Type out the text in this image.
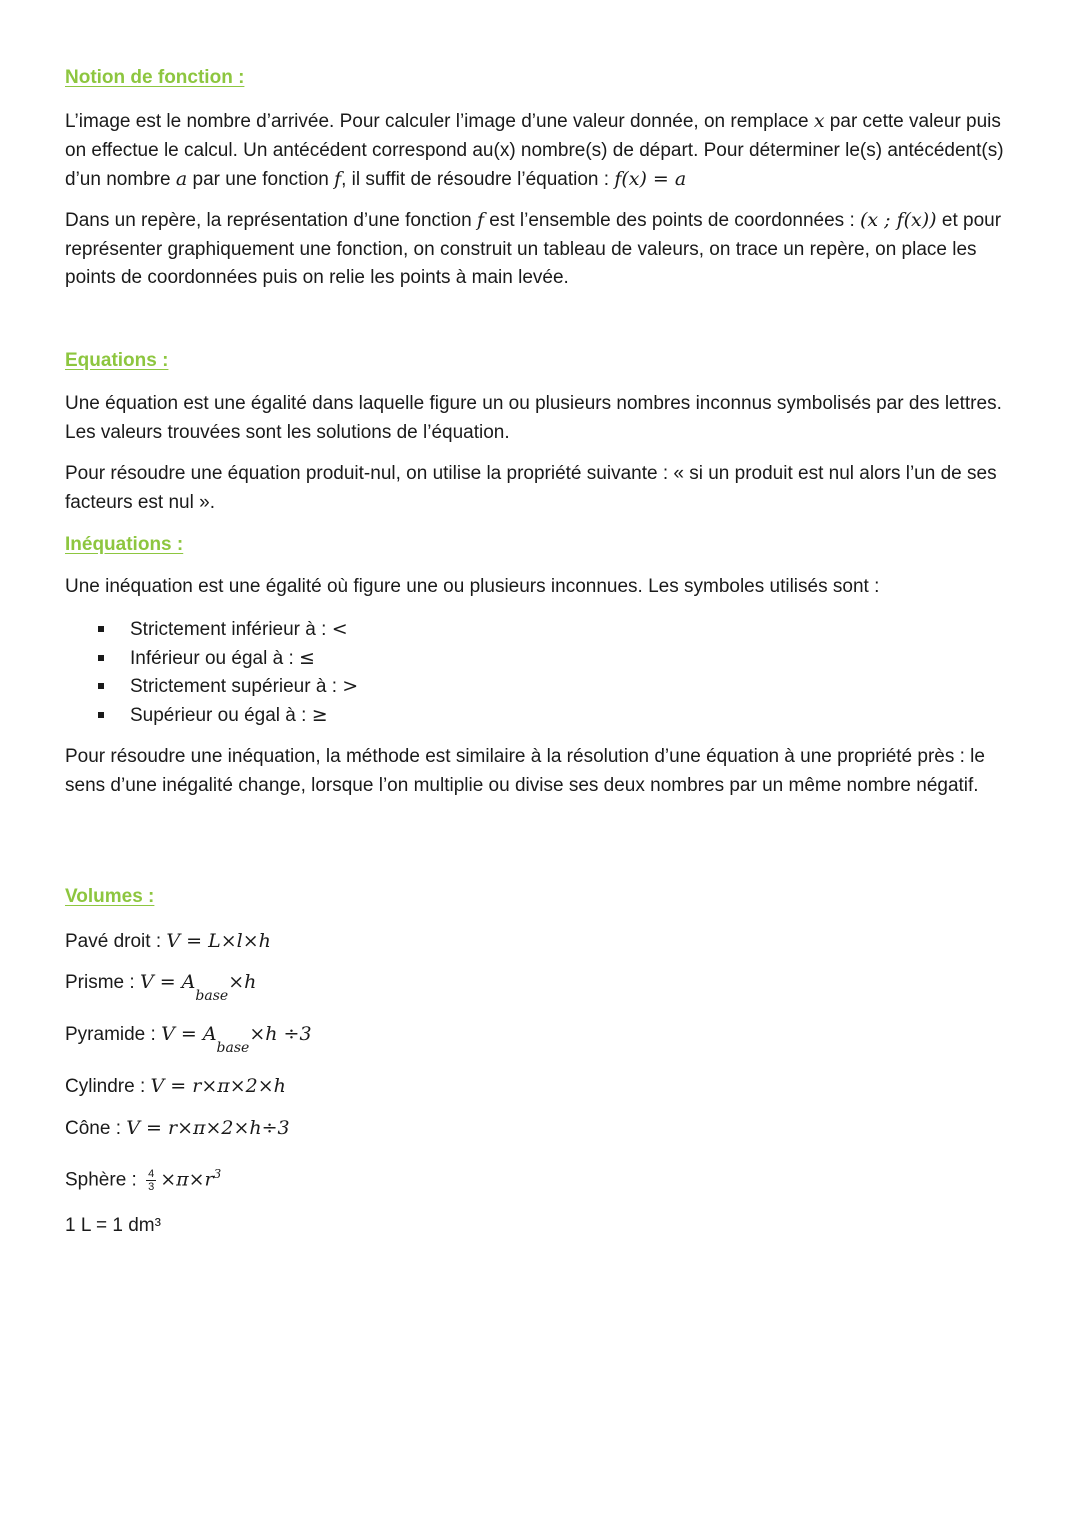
Notion de fonction :
L’image est le nombre d’arrivée. Pour calculer l’image d’une valeur donnée, on remplace x par cette valeur puis on effectue le calcul. Un antécédent correspond au(x) nombre(s) de départ. Pour déterminer le(s) antécédent(s) d’un nombre a par une fonction f, il suffit de résoudre l’équation : f(x) = a
Dans un repère, la représentation d’une fonction f est l’ensemble des points de coordonnées : (x ; f(x)) et pour représenter graphiquement une fonction, on construit un tableau de valeurs, on trace un repère, on place les points de coordonnées puis on relie les points à main levée.
Equations :
Une équation est une égalité dans laquelle figure un ou plusieurs nombres inconnus symbolisés par des lettres. Les valeurs trouvées sont les solutions de l’équation.
Pour résoudre une équation produit-nul, on utilise la propriété suivante : « si un produit est nul alors l’un de ses facteurs est nul ».
Inéquations :
Une inéquation est une égalité où figure une ou plusieurs inconnues. Les symboles utilisés sont :
Strictement inférieur à : <
Inférieur ou égal à : ≤
Strictement supérieur à : >
Supérieur ou égal à : ≥
Pour résoudre une inéquation, la méthode est similaire à la résolution d’une équation à une propriété près : le sens d’une inégalité change, lorsque l’on multiplie ou divise ses deux nombres par un même nombre négatif.
Volumes :
Pavé droit : V = L×l×h
Prisme : $V = A_{base}\times h$
Pyramide : $V = A_{base}\times h \div 3$
Cylindre : V = r×π×2×h
Cône : V = r×π×2×h÷3
Sphère : $\frac{4}{3} \times\pi\times r^3$
1 L = 1 dm³
